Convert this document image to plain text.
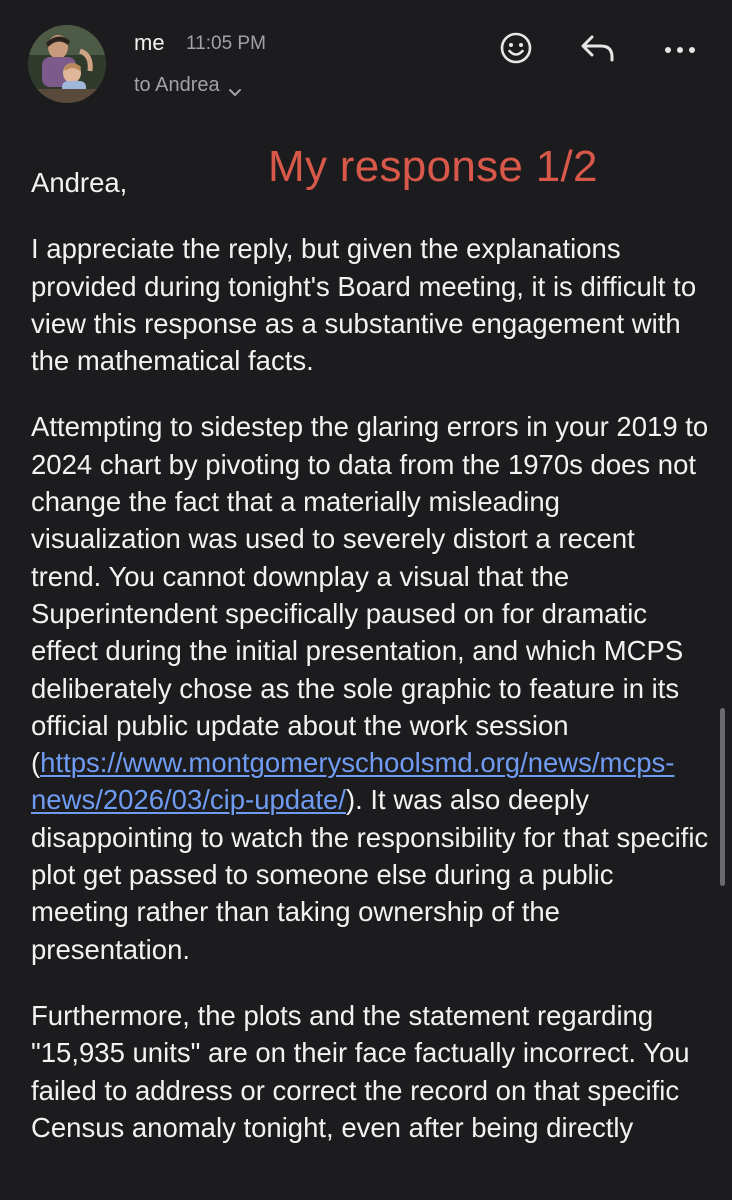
me 11:05 PM
to Andrea
My response 1/2

Andrea,

I appreciate the reply, but given the explanations provided during tonight's Board meeting, it is difficult to view this response as a substantive engagement with the mathematical facts.

Attempting to sidestep the glaring errors in your 2019 to 2024 chart by pivoting to data from the 1970s does not change the fact that a materially misleading visualization was used to severely distort a recent trend. You cannot downplay a visual that the Superintendent specifically paused on for dramatic effect during the initial presentation, and which MCPS deliberately chose as the sole graphic to feature in its official public update about the work session (https://www.montgomeryschoolsmd.org/news/mcps-news/2026/03/cip-update/). It was also deeply disappointing to watch the responsibility for that specific plot get passed to someone else during a public meeting rather than taking ownership of the presentation.

Furthermore, the plots and the statement regarding "15,935 units" are on their face factually incorrect. You failed to address or correct the record on that specific Census anomaly tonight, even after being directly
